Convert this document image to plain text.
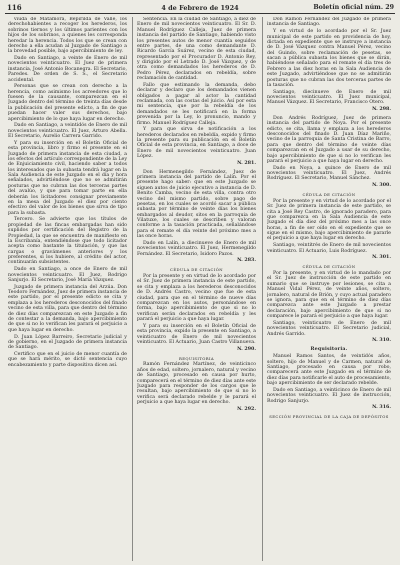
116	4 de Febrero de 1924	Boletín oficial núm. 29

viuda de Matamora, Bepirilda de Valle, los derechohabientes a recoger los herederos, los sobrinos tiernos y los últimos parientes con los hijos de los sobrinos, a quienes les corresponda heredar la herencia. Todos los que se crean con derecho a ella acudan al Juzgado de Santiago a la brevedad posible, bajo apercibimiento de ley.

Dado en Santiago, a veinte de Enero de mil novecientos veinticuatro. El Juez de primera instancia, José Antonio Bocanegra. El Secretario, Paredes. De orden de S. S., el Secretario accidental.

Personas que se crean con derecho a la herencia, como asimismo los acreedores que lo fuesen de la causante, comparezcan en el Juzgado dentro del término de treinta días desde la publicación del presente edicto, a fin de que puedan hacer valer sus derechos, bajo apercibimiento de lo que haya lugar en derecho.

Dado en Santiago, a veintidós de Enero de mil novecientos veinticuatro. El Juez, Arturo Abella. El Secretario, Aurelio Carrera Garrido.

Y para su inserción en el Boletín Oficial de esta provincia, libro y firmo el presente en el Juzgado de primera instancia de esta ciudad, a los efectos del artículo correspondiente de la Ley de Enjuiciamiento civil, haciendo saber a todos los interesados que la subasta tendrá lugar en la Sala Audiencia de este Juzgado en el día y hora señalados, advirtiéndose que no se admitirán posturas que no cubran las dos terceras partes del avalúo, y que para tomar parte en ella deberán los licitadores consignar previamente en la mesa del Juzgado el diez por ciento efectivo del valor de los bienes que sirva de tipo para la subasta.

Tercero. Se advierte que los títulos de propiedad de las fincas embargadas han sido suplidos por certificación del Registro de la Propiedad, la que se encuentra de manifiesto en la Escribanía, entendiéndose que todo licitador acepta como bastante la titulación, y que las cargas o gravámenes anteriores y los preferentes, si los hubiere, al crédito del actor, continuarán subsistentes.

Dado en Santiago, a once de Enero de mil novecientos veinticuatro. El Juez, Rodrigo Sanjurjo. El Secretario, José María Vázquez.

Juzgado de primera instancia del Arzúa. Don Teodoro Fernández, Juez de primera instancia de este partido, por el presente edicto se cita y emplaza a los herederos desconocidos del finado vecino de esta villa, para que dentro del término de diez días comparezcan en este Juzgado a fin de contestar a la demanda, bajo apercibimiento de que si no lo verifican les parará el perjuicio a que haya lugar en derecho.

D. Juan López Barreiro, Secretario judicial y de gobierno, en el Juzgado de primera instancia de Santiago.

Certifico que en el juicio de menor cuantía de que se hará mérito, se dictó sentencia cuyo encabezamiento y parte dispositiva dicen así.

Sentencia. En la ciudad de Santiago, a diez de Enero de mil novecientos veinticuatro. El Sr. D. Manuel Rodríguez Calleja, Juez de primera instancia del partido de Santiago, habiendo visto los presentes autos de menor cuantía seguidos entre partes, de una como demandante D. Ricardo García Suárez, vecino de esta ciudad, representado por el Procurador D. Antonio Rey, y dirigido por el Letrado D. José Vázquez, y de otra como demandados los herederos de D. Pedro Pérez, declarados en rebeldía, sobre reclamación de cantidad.

Fallo que estimando la demanda, debo declarar y declaro que los demandados vienen obligados a pagar al actor la cantidad reclamada, con las costas del juicio. Así por esta mi sentencia, que por la rebeldía de los demandados se les notificará en la forma prevenida por la Ley, lo pronuncio, mando y firmo. Manuel Rodríguez Calleja.

Y para que sirva de notificación a los herederos declarados en rebeldía, expido y firmo la presente para su publicación en el Boletín Oficial de esta provincia, en Santiago, a doce de Enero de mil novecientos veinticuatro. Juan López.

N. 281.

Don Hermenegildo Fernández, Juez de primera instancia del partido de Lalín. Por el presente hago saber: que en este Juzgado se siguen autos de juicio ejecutivo a instancia de D. Benito Camba, vecino de esta villa, contra otro vecino del mismo partido, sobre pago de pesetas, en los cuales se acordó sacar a pública subasta por término de veinte días los bienes embargados al deudor, sitos en la parroquia de Vilatuxe, los cuales se describen y valoran conforme a la tasación practicada, señalándose para el remate el día veinte del próximo mes a las once horas.

Dado en Lalín, a diecinueve de Enero de mil novecientos veinticuatro. El Juez, Hermenegildo Fernández. El Secretario, Isidoro Pazos.

N. 283.
CÉDULA DE CITACIÓN

Por la presente y en virtud de lo acordado por el Sr. Juez de primera instancia de este partido, se cita y emplaza a los herederos desconocidos de D. Andrés Castro, vecino que fue de esta ciudad, para que en el término de nueve días comparezcan en los autos, personándose en forma, bajo apercibimiento de que si no lo verifican serán declarados en rebeldía y les parará el perjuicio a que haya lugar.

Y para su inserción en el Boletín Oficial de esta provincia, expido la presente en Santiago, a veinticuatro de Enero de mil novecientos veinticuatro. El Actuario, Juan Castro Villanueva.

N. 290.
REQUISITORIA

Ramón Fernández Martínez, de veinticinco años de edad, soltero, jornalero, natural y vecino de Santiago, procesado en causa por hurto, comparecerá en el término de diez días ante este Juzgado para responder de los cargos que le resultan, bajo apercibimiento de que si no lo verifica será declarado rebelde y le parará el perjuicio a que haya lugar en derecho.

N. 292.

Don Ramón Fernández del Juzgado de primera instancia de Santiago.

Y en virtud de lo acordado por el Sr. Juez municipal de este partido en providencia de hoy, dictada en expediente que se instruye a instancia de D. José Vázquez contra Manuel Pérez, vecino del Guindo, sobre reclamación de pesetas, se sacan a pública subasta los bienes que se dirán, habiéndose señalado para el remate el día tres de Febrero a las diez horas en la Sala Audiencia de este Juzgado, advirtiéndose que no se admitirán posturas que no cubran las dos terceras partes de la tasación.

Santiago, diecinueve de Enero de mil novecientos veinticuatro. El Juez municipal, Manuel Vázquez. El Secretario, Francisco Otero.

N. 298.

Don Andrés Rodríguez, Juez de primera instancia del partido de Noya. Por el presente edicto, se cita, llama y emplaza a los herederos desconocidos del finado D. Juan Díaz Mariño, vecino de la parroquia de Santa Cristina de Barro, para que dentro del término de veinte días comparezcan en el Juzgado a usar de su derecho, bajo apercibimiento de que si no lo verifican les parará el perjuicio a que haya lugar en derecho.

Dado en Noya, a quince de Enero de mil novecientos veinticuatro. El Juez, Andrés Rodríguez. El Secretario, Manuel Sánchez.

N. 300.
CÉDULA DE CITACIÓN

Por la presente y en virtud de lo acordado por el Sr. Juez de primera instancia de este partido, se cita a José Rey Castro, de ignorado paradero, para que comparezca en la Sala Audiencia de este Juzgado el día diez del próximo mes a las once horas, a fin de ser oído en el expediente que se sigue en el mismo, bajo apercibimiento de pararle el perjuicio a que haya lugar en derecho.

Santiago, veintitrés de Enero de mil novecientos veinticuatro. El Actuario, Luis Rodríguez.

N. 301.
CÉDULA DE CITACIÓN

Por la presente, y en virtud de lo mandado por el Sr. Juez de instrucción de este partido en sumario que se instruye por lesiones, se cita a Manuel Vidal Pérez, de veinte años, soltero, jornalero, natural de Brión, y cuyo actual paradero se ignora, para que en el término de diez días comparezca ante este Juzgado a prestar declaración, bajo apercibimiento de que si no comparece le parará el perjuicio a que haya lugar.

Santiago, veinticuatro de Enero de mil novecientos veinticuatro. El Secretario judicial, Andrés Garrido.

N. 310.
Requisitoria.

Manuel Ramos Santos, de veintidós años, soltero, hijo de Manuel y de Carmen, natural de Santiago, procesado en causa por robo, comparecerá ante este Juzgado en el término de diez días para notificarle el auto de procesamiento, bajo apercibimiento de ser declarado rebelde.

Dado en Santiago, a veinticinco de Enero de mil novecientos veinticuatro. El Juez de instrucción, Rodrigo Sanjurjo.

N. 316.
SECCIÓN PROVINCIAL DE LA CAJA DE DEPÓSITOS
